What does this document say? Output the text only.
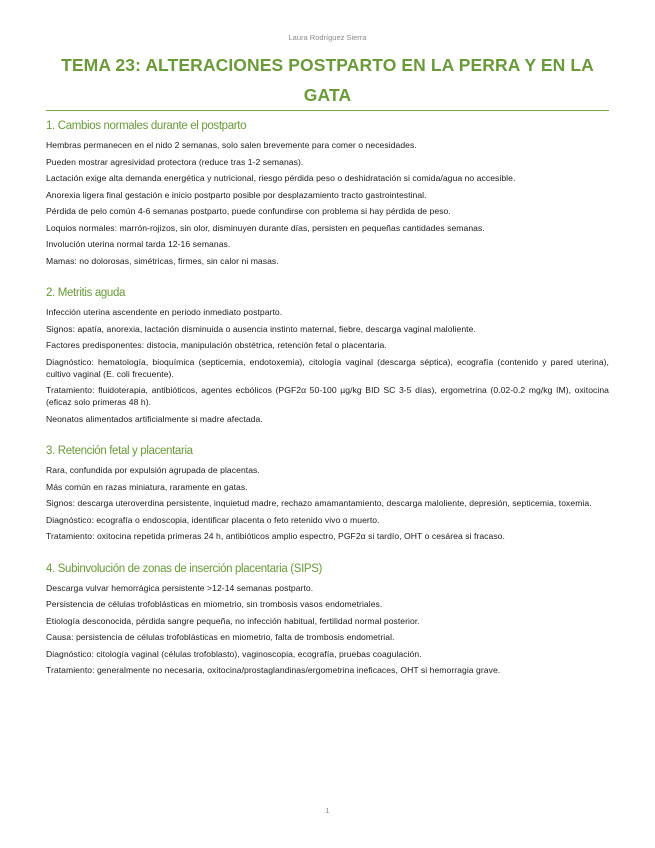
Laura Rodríguez Sierra
TEMA 23: ALTERACIONES POSTPARTO EN LA PERRA Y EN LA GATA
1. Cambios normales durante el postparto

Hembras permanecen en el nido 2 semanas, solo salen brevemente para comer o necesidades.

Pueden mostrar agresividad protectora (reduce tras 1-2 semanas).

Lactación exige alta demanda energética y nutricional, riesgo pérdida peso o deshidratación si comida/agua no accesible.

Anorexia ligera final gestación e inicio postparto posible por desplazamiento tracto gastrointestinal.

Pérdida de pelo común 4-6 semanas postparto, puede confundirse con problema si hay pérdida de peso.

Loquios normales: marrón-rojizos, sin olor, disminuyen durante días, persisten en pequeñas cantidades semanas.

Involución uterina normal tarda 12-16 semanas.

Mamas: no dolorosas, simétricas, firmes, sin calor ni masas.

2. Metritis aguda

Infección uterina ascendente en periodo inmediato postparto.

Signos: apatía, anorexia, lactación disminuida o ausencia instinto maternal, fiebre, descarga vaginal maloliente.

Factores predisponentes: distocia, manipulación obstétrica, retención fetal o placentaria.

Diagnóstico: hematología, bioquímica (septicemia, endotoxemia), citología vaginal (descarga séptica), ecografía (contenido y pared uterina), cultivo vaginal (E. coli frecuente).

Tratamiento: fluidoterapia, antibióticos, agentes ecbólicos (PGF2α 50-100 µg/kg BID SC 3-5 días), ergometrina (0.02-0.2 mg/kg IM), oxitocina (eficaz solo primeras 48 h).

Neonatos alimentados artificialmente si madre afectada.

3. Retención fetal y placentaria

Rara, confundida por expulsión agrupada de placentas.

Más común en razas miniatura, raramente en gatas.

Signos: descarga uteroverdina persistente, inquietud madre, rechazo amamantamiento, descarga maloliente, depresión, septicemia, toxemia.

Diagnóstico: ecografía o endoscopia, identificar placenta o feto retenido vivo o muerto.

Tratamiento: oxitocina repetida primeras 24 h, antibióticos amplio espectro, PGF2α si tardío, OHT o cesárea si fracaso.

4. Subinvolución de zonas de inserción placentaria (SIPS)

Descarga vulvar hemorrágica persistente >12-14 semanas postparto.

Persistencia de células trofoblásticas en miometrio, sin trombosis vasos endometriales.

Etiología desconocida, pérdida sangre pequeña, no infección habitual, fertilidad normal posterior.

Causa: persistencia de células trofoblásticas en miometrio, falta de trombosis endometrial.

Diagnóstico: citología vaginal (células trofoblasto), vaginoscopia, ecografía, pruebas coagulación.

Tratamiento: generalmente no necesaria, oxitocina/prostaglandinas/ergometrina ineficaces, OHT si hemorragia grave.

1
